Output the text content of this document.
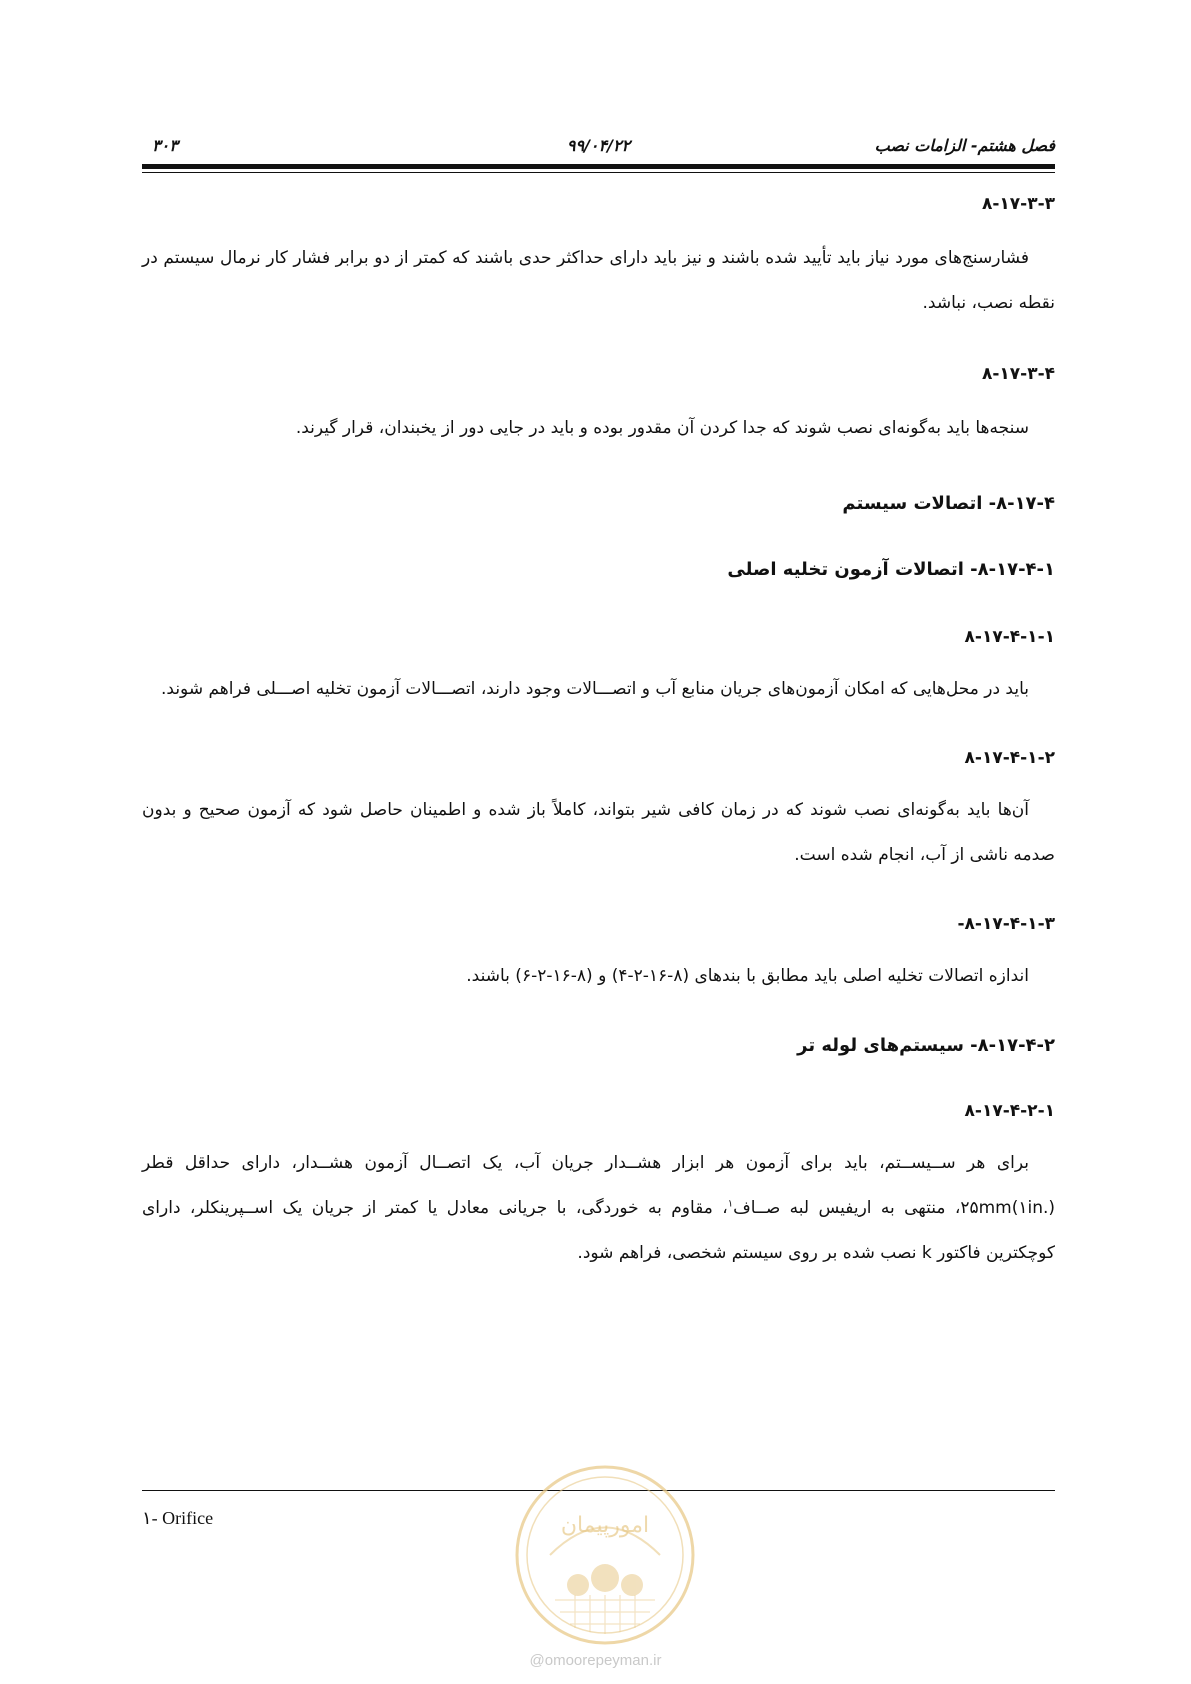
فصل هشتم- الزامات نصب
۹۹/۰۴/۲۲
۳۰۳
۸-۱۷-۳-۳

فشارسنج‌های مورد نیاز باید تأیید شده باشند و نیز باید دارای حداکثر حدی باشند که کمتر از دو برابر فشار کار نرمال سیستم در نقطه نصب، نباشد.

۸-۱۷-۳-۴

سنجه‌ها باید به‌گونه‌ای نصب شوند که جدا کردن آن مقدور بوده و باید در جایی دور از یخبندان، قرار گیرند.

۸-۱۷-۴- اتصالات سیستم
۸-۱۷-۴-۱- اتصالات آزمون تخلیه اصلی
۸-۱۷-۴-۱-۱

باید در محل‌هایی که امکان آزمون‌های جریان منابع آب و اتصـــالات وجود دارند، اتصـــالات آزمون تخلیه اصـــلی فراهم شوند.

۸-۱۷-۴-۱-۲

آن‌ها باید به‌گونه‌ای نصب شوند که در زمان کافی شیر بتواند، کاملاً باز شده و اطمینان حاصل شود که آزمون صحیح و بدون صدمه ناشی از آب، انجام شده است.

۸-۱۷-۴-۱-۳-

اندازه اتصالات تخلیه اصلی باید مطابق با بندهای (۸-۱۶-۲-۴) و (۸-۱۶-۲-۶) باشند.

۸-۱۷-۴-۲- سیستم‌های لوله تر
۸-۱۷-۴-۲-۱

برای هر ســیســتم، باید برای آزمون هر ابزار هشــدار جریان آب، یک اتصــال آزمون هشــدار، دارای حداقل قطر ۲۵mm(۱in.)، منتهی به اریفیس لبه صــاف$^۱$، مقاوم به خوردگی، با جریانی معادل یا کمتر از جریان یک اســپرینکلر، دارای کوچکترین فاکتور k نصب شده بر روی سیستم شخصی، فراهم شود.

۱- Orifice	امورپیمان
@omoorepeyman.ir
